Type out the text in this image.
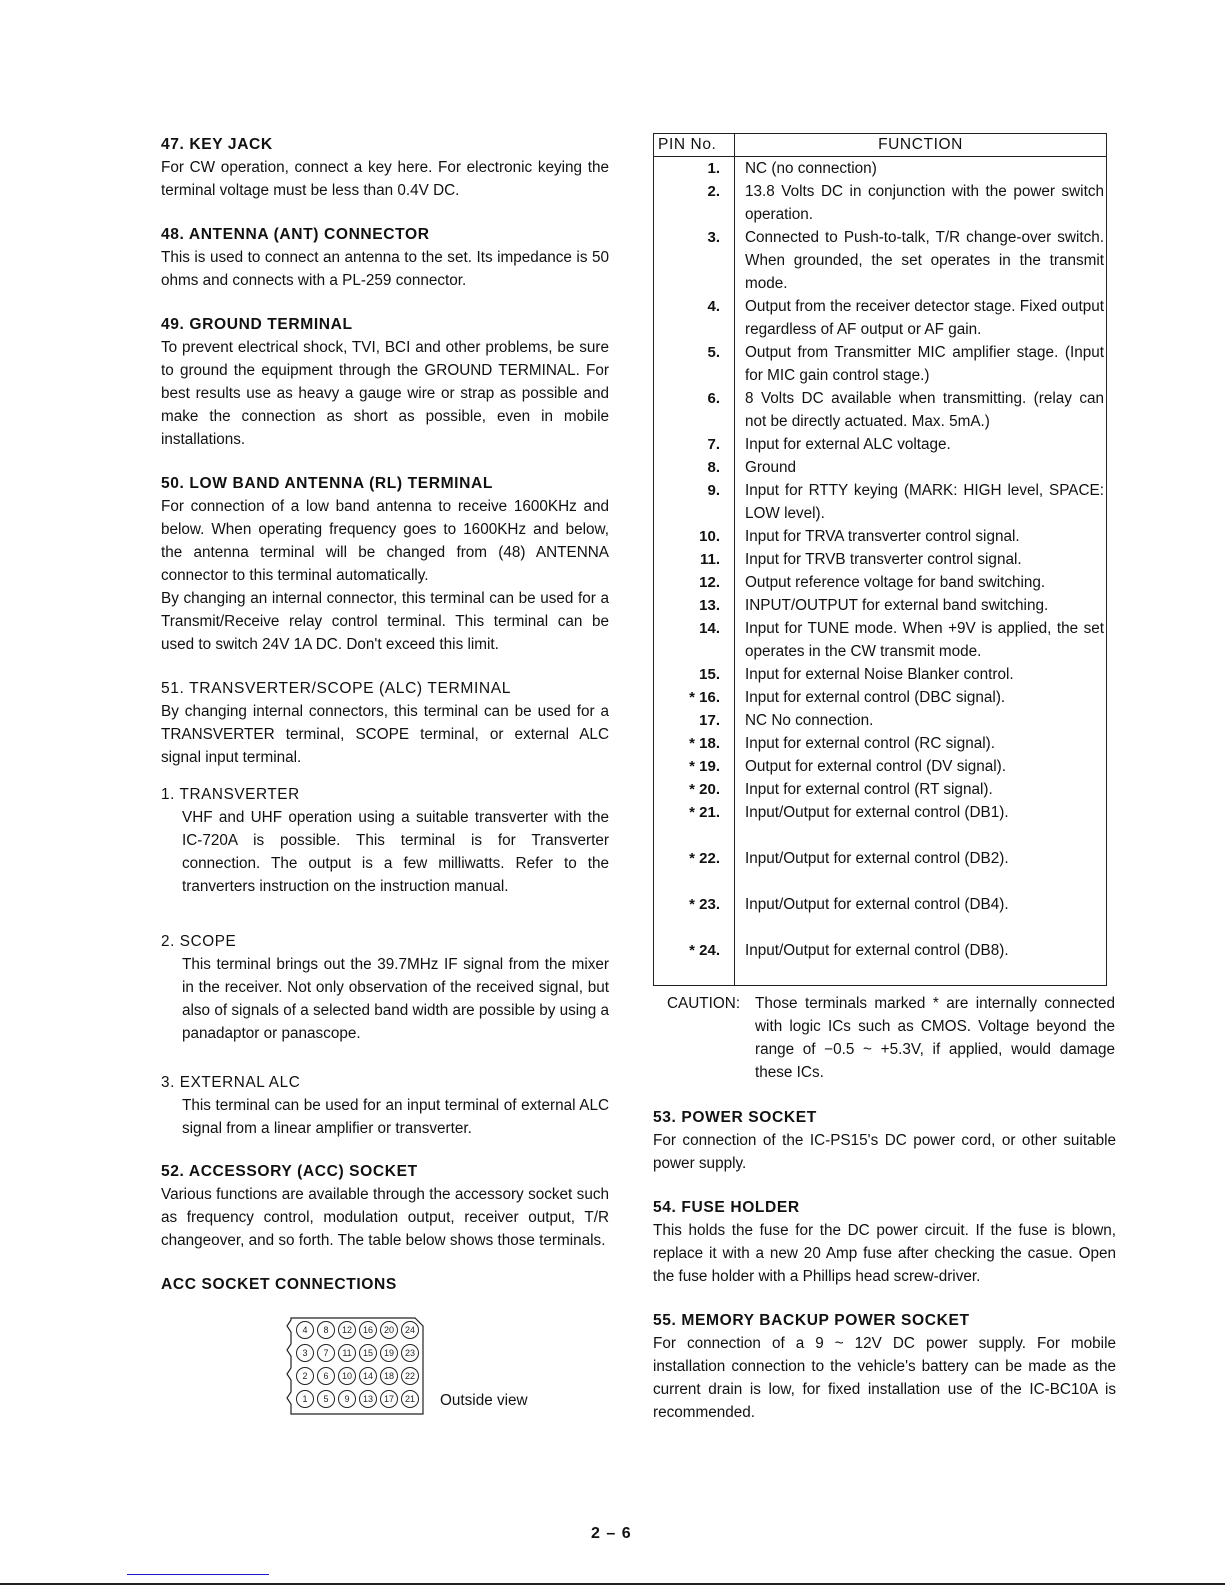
47. KEY JACK

For CW operation, connect a key here. For electronic keying the terminal voltage must be less than 0.4V DC.

48. ANTENNA (ANT) CONNECTOR

This is used to connect an antenna to the set. Its impedance is 50 ohms and connects with a PL-259 connector.

49. GROUND TERMINAL

To prevent electrical shock, TVI, BCI and other problems, be sure to ground the equipment through the GROUND TERMINAL. For best results use as heavy a gauge wire or strap as possible and make the connection as short as possible, even in mobile installations.

50. LOW BAND ANTENNA (RL) TERMINAL

For connection of a low band antenna to receive 1600KHz and below. When operating frequency goes to 1600KHz and below, the antenna terminal will be changed from (48) ANTENNA connector to this terminal automatically.

By changing an internal connector, this terminal can be used for a Transmit/Receive relay control terminal. This terminal can be used to switch 24V 1A DC. Don't exceed this limit.

51. TRANSVERTER/SCOPE (ALC) TERMINAL

By changing internal connectors, this terminal can be used for a TRANSVERTER terminal, SCOPE terminal, or external ALC signal input terminal.

1. TRANSVERTER

VHF and UHF operation using a suitable transverter with the IC-720A is possible. This terminal is for Transverter connection. The output is a few milliwatts. Refer to the tranverters instruction on the instruction manual.

2. SCOPE

This terminal brings out the 39.7MHz IF signal from the mixer in the receiver. Not only observation of the received signal, but also of signals of a selected band width are possible by using a panadaptor or panascope.

3. EXTERNAL ALC

This terminal can be used for an input terminal of external ALC signal from a linear amplifier or transverter.

52. ACCESSORY (ACC) SOCKET

Various functions are available through the accessory socket such as frequency control, modulation output, receiver output, T/R changeover, and so forth. The table below shows those terminals.

ACC SOCKET CONNECTIONS

4 8 12 16 20 24
3 7 11 15 19 23
2 6 10 14 18 22
1 5 9 13 17 21 Outside view
PIN No.	FUNCTION
1.	NC (no connection)
2.	13.8 Volts DC in conjunction with the power switch operation.
3.	Connected to Push-to-talk, T/R change-over switch. When grounded, the set operates in the transmit mode.
4.	Output from the receiver detector stage. Fixed output regardless of AF output or AF gain.
5.	Output from Transmitter MIC amplifier stage. (Input for MIC gain control stage.)
6.	8 Volts DC available when transmitting. (relay can not be directly actuated. Max. 5mA.)
7.	Input for external ALC voltage.
8.	Ground
9.	Input for RTTY keying (MARK: HIGH level, SPACE: LOW level).
10.	Input for TRVA transverter control signal.
11.	Input for TRVB transverter control signal.
12.	Output reference voltage for band switching.
13.	INPUT/OUTPUT for external band switching.
14.	Input for TUNE mode. When +9V is applied, the set operates in the CW transmit mode.
15.	Input for external Noise Blanker control.
* 16.	Input for external control (DBC signal).
17.	NC No connection.
* 18.	Input for external control (RC signal).
* 19.	Output for external control (DV signal).
* 20.	Input for external control (RT signal).
* 21.	Input/Output for external control (DB1).
* 22.	Input/Output for external control (DB2).
* 23.	Input/Output for external control (DB4).
* 24.	Input/Output for external control (DB8).

CAUTION: Those terminals marked * are internally connected with logic ICs such as CMOS. Voltage beyond the range of −0.5 ~ +5.3V, if applied, would damage these ICs.

53. POWER SOCKET

For connection of the IC-PS15's DC power cord, or other suitable power supply.

54. FUSE HOLDER

This holds the fuse for the DC power circuit. If the fuse is blown, replace it with a new 20 Amp fuse after checking the casue. Open the fuse holder with a Phillips head screw-driver.

55. MEMORY BACKUP POWER SOCKET

For connection of a 9 ~ 12V DC power supply. For mobile installation connection to the vehicle's battery can be made as the current drain is low, for fixed installation use of the IC-BC10A is recommended.

2 – 6
